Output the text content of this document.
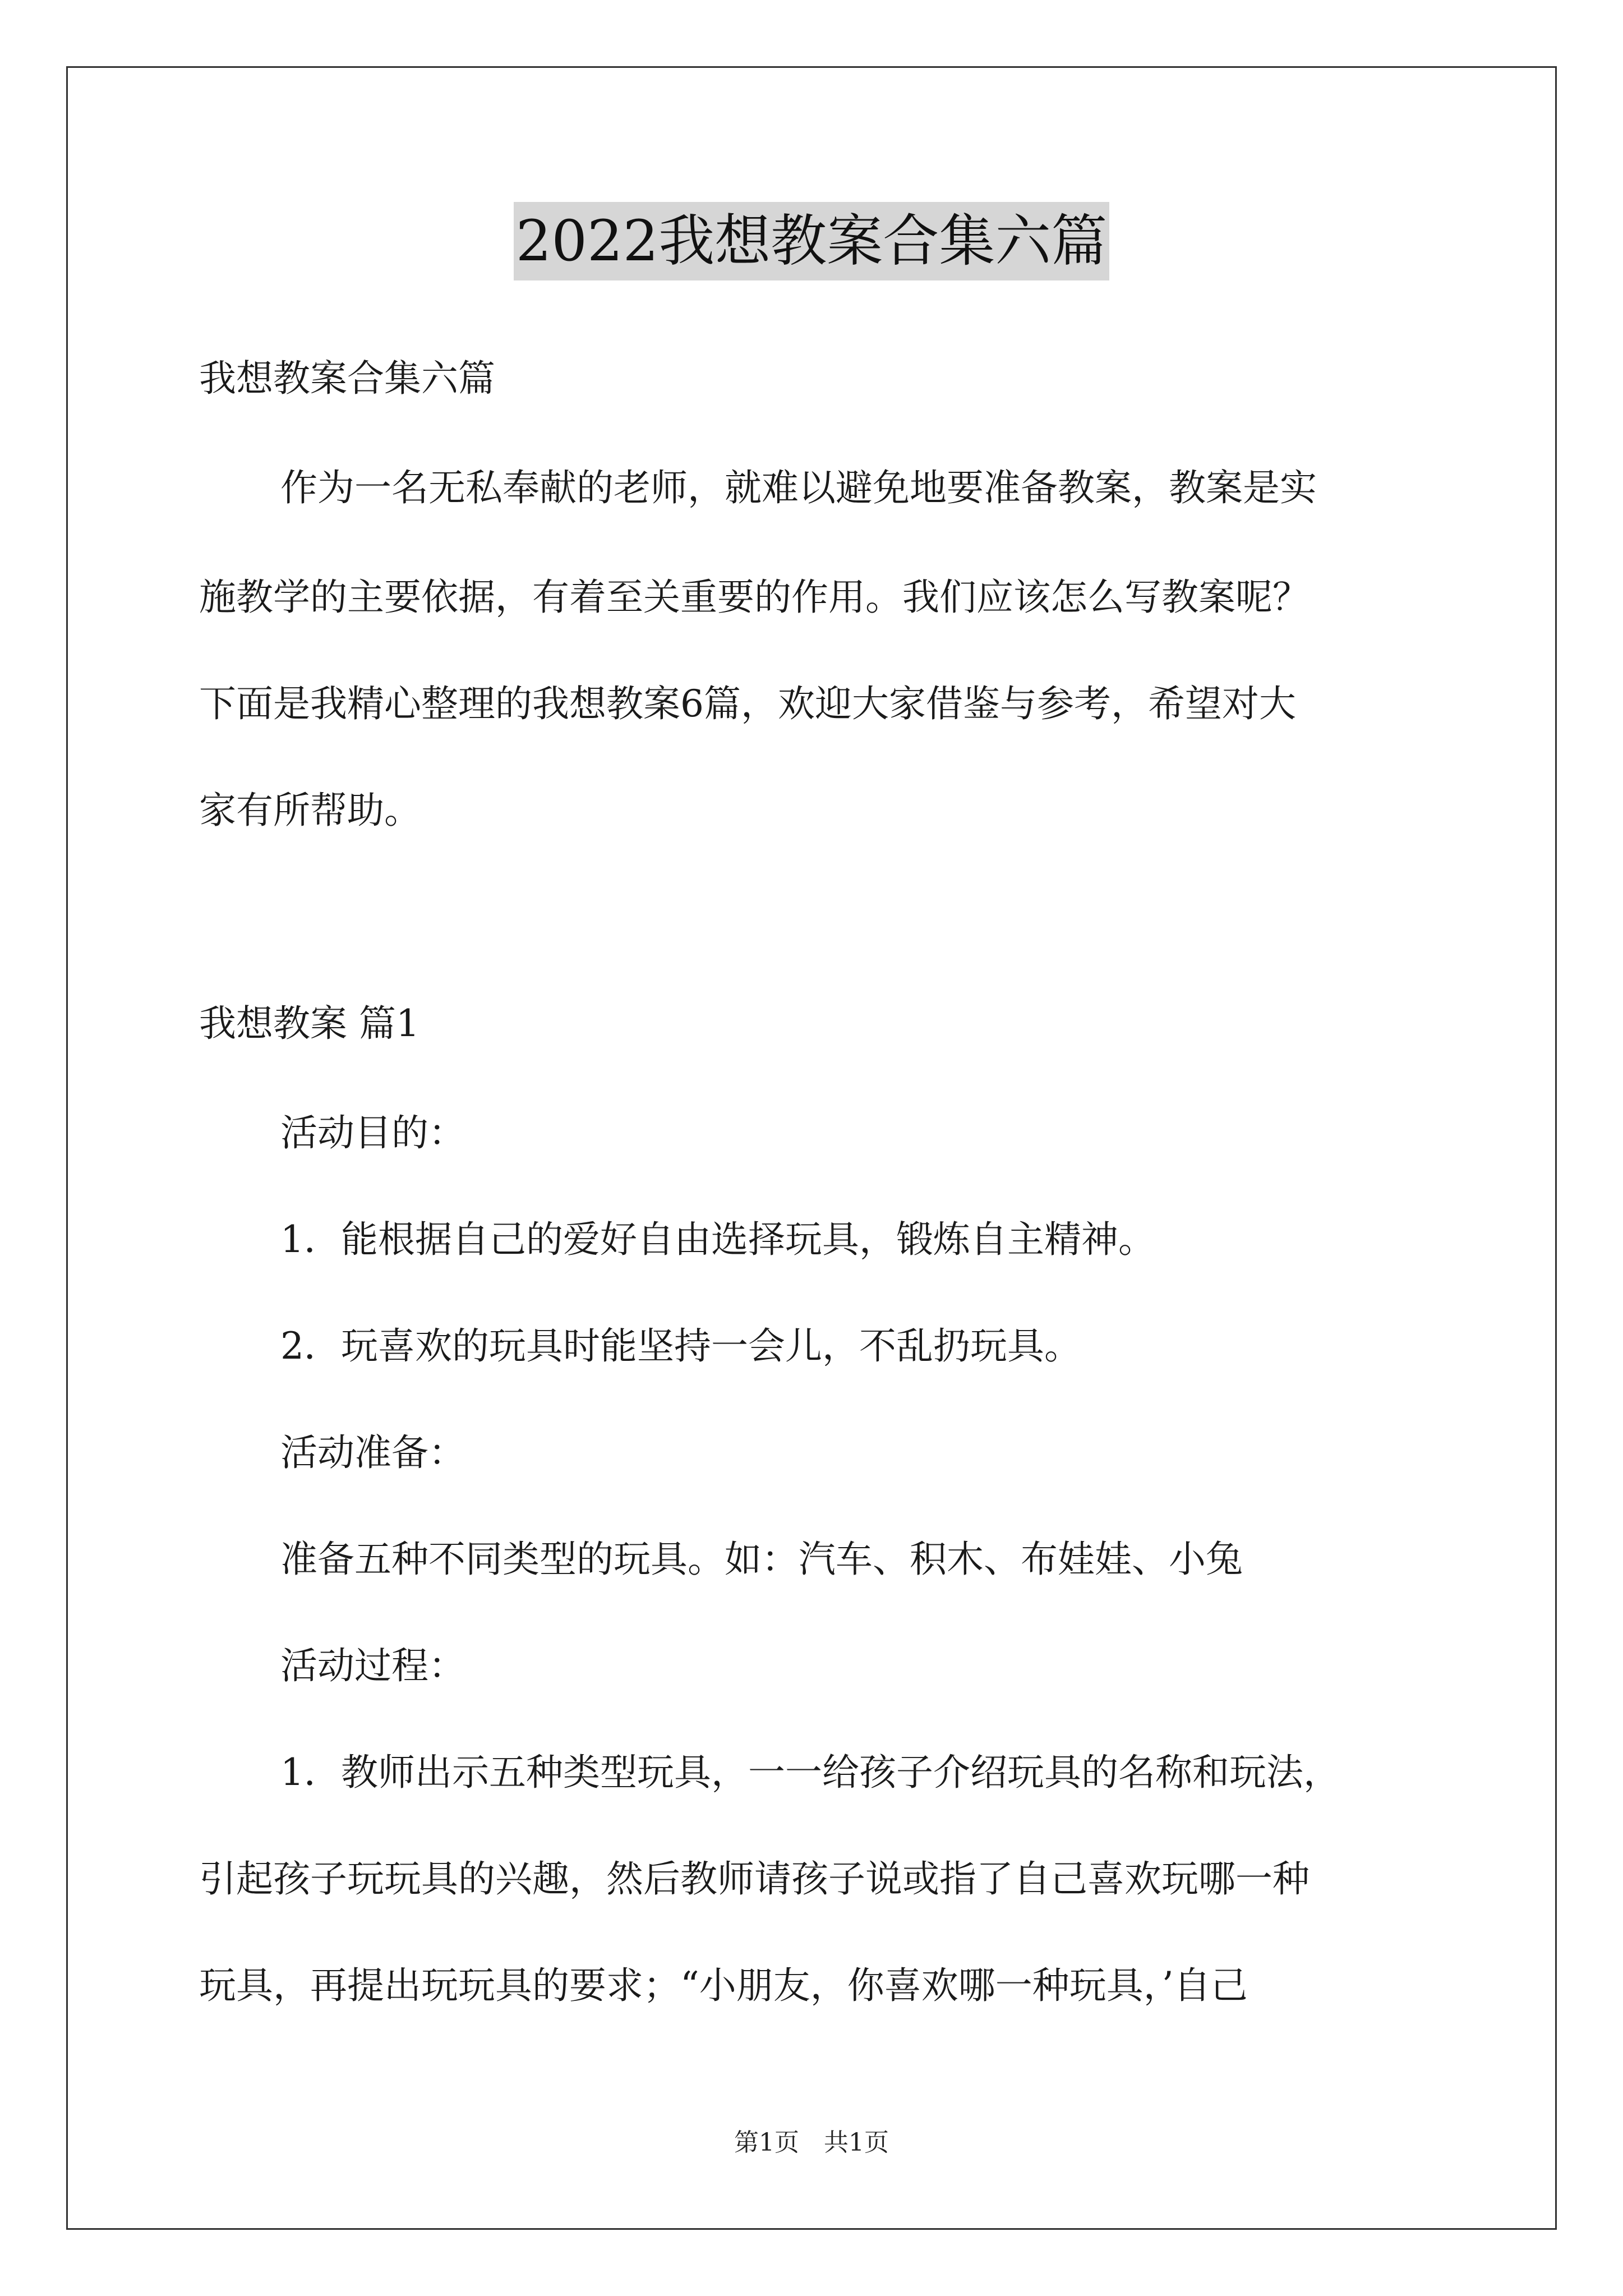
2022我想教案合集六篇
我想教案合集六篇
作为一名无私奉献的老师，就难以避免地要准备教案，教案是实
施教学的主要依据，有着至关重要的作用。我们应该怎么写教案呢？
下面是我精心整理的我想教案6篇，欢迎大家借鉴与参考，希望对大
家有所帮助。
我想教案 篇1
活动目的：
1．能根据自己的爱好自由选择玩具，锻炼自主精神。
2．玩喜欢的玩具时能坚持一会儿，不乱扔玩具。
活动准备：
准备五种不同类型的玩具。如：汽车、积木、布娃娃、小兔
活动过程：
1．教师出示五种类型玩具，一一给孩子介绍玩具的名称和玩法，
引起孩子玩玩具的兴趣，然后教师请孩子说或指了自己喜欢玩哪一种
玩具，再提出玩玩具的要求；“小朋友，你喜欢哪一种玩具，’自己
第1页　共1页
